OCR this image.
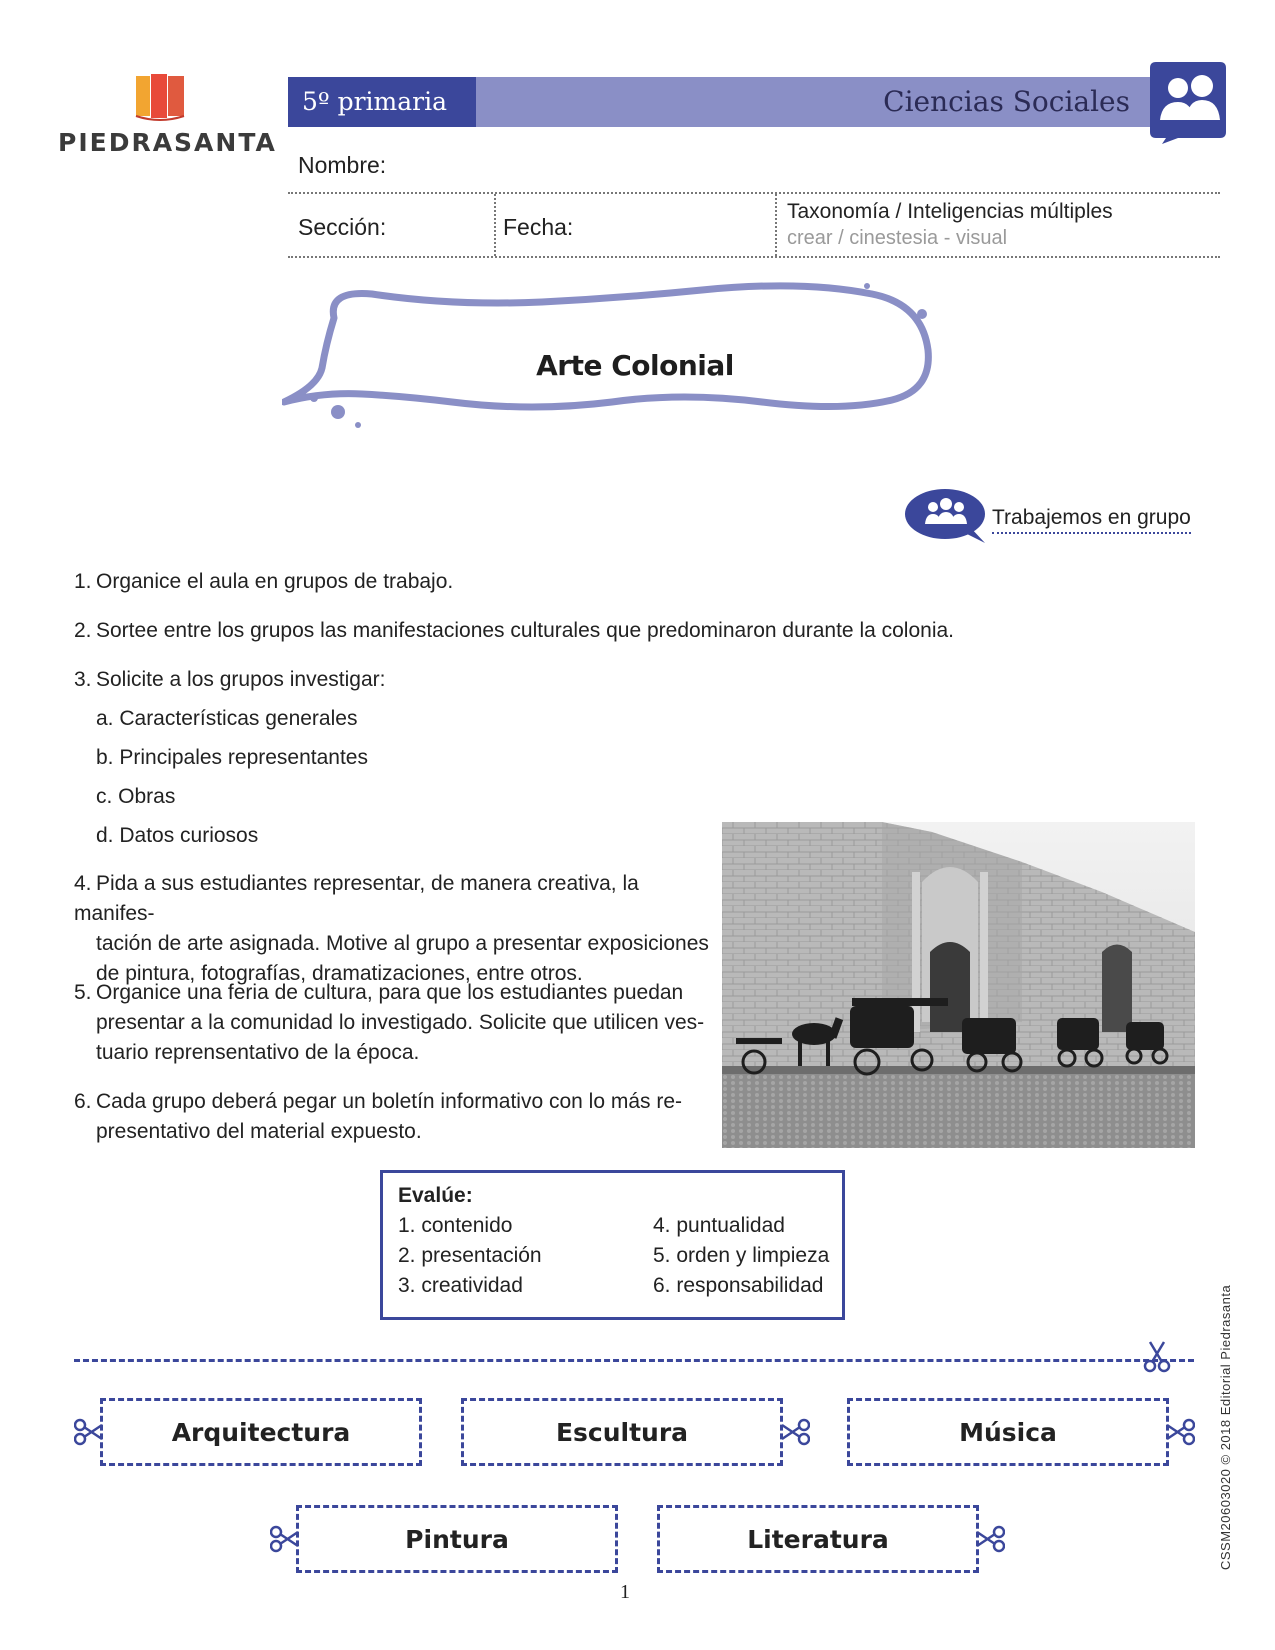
PIEDRASANTA
5º primaria	Ciencias Sociales
Nombre:
Sección:	Fecha:
Taxonomía / Inteligencias múltiples
crear / cinestesia - visual
Arte Colonial
Trabajemos en grupo
1. Organice el aula en grupos de trabajo.
2. Sortee entre los grupos las manifestaciones culturales que predominaron durante la colonia.
3. Solicite a los grupos investigar:
a. Características generales
b. Principales representantes
c. Obras
d. Datos curiosos
4. Pida a sus estudiantes representar, de manera creativa, la manifes-
tación de arte asignada. Motive al grupo a presentar exposiciones
de pintura, fotografías, dramatizaciones, entre otros.
5. Organice una feria de cultura, para que los estudiantes puedan
presentar a la comunidad lo investigado. Solicite que utilicen ves-
tuario reprensentativo de la época.
6. Cada grupo deberá pegar un boletín informativo con lo más re-
presentativo del material expuesto.
Evalúe:
1. contenido
2. presentación
3. creatividad
4. puntualidad
5. orden y limpieza
6. responsabilidad
Arquitectura	Escultura	Música
Pintura	Literatura
1
CSSM20603020 © 2018 Editorial Piedrasanta
